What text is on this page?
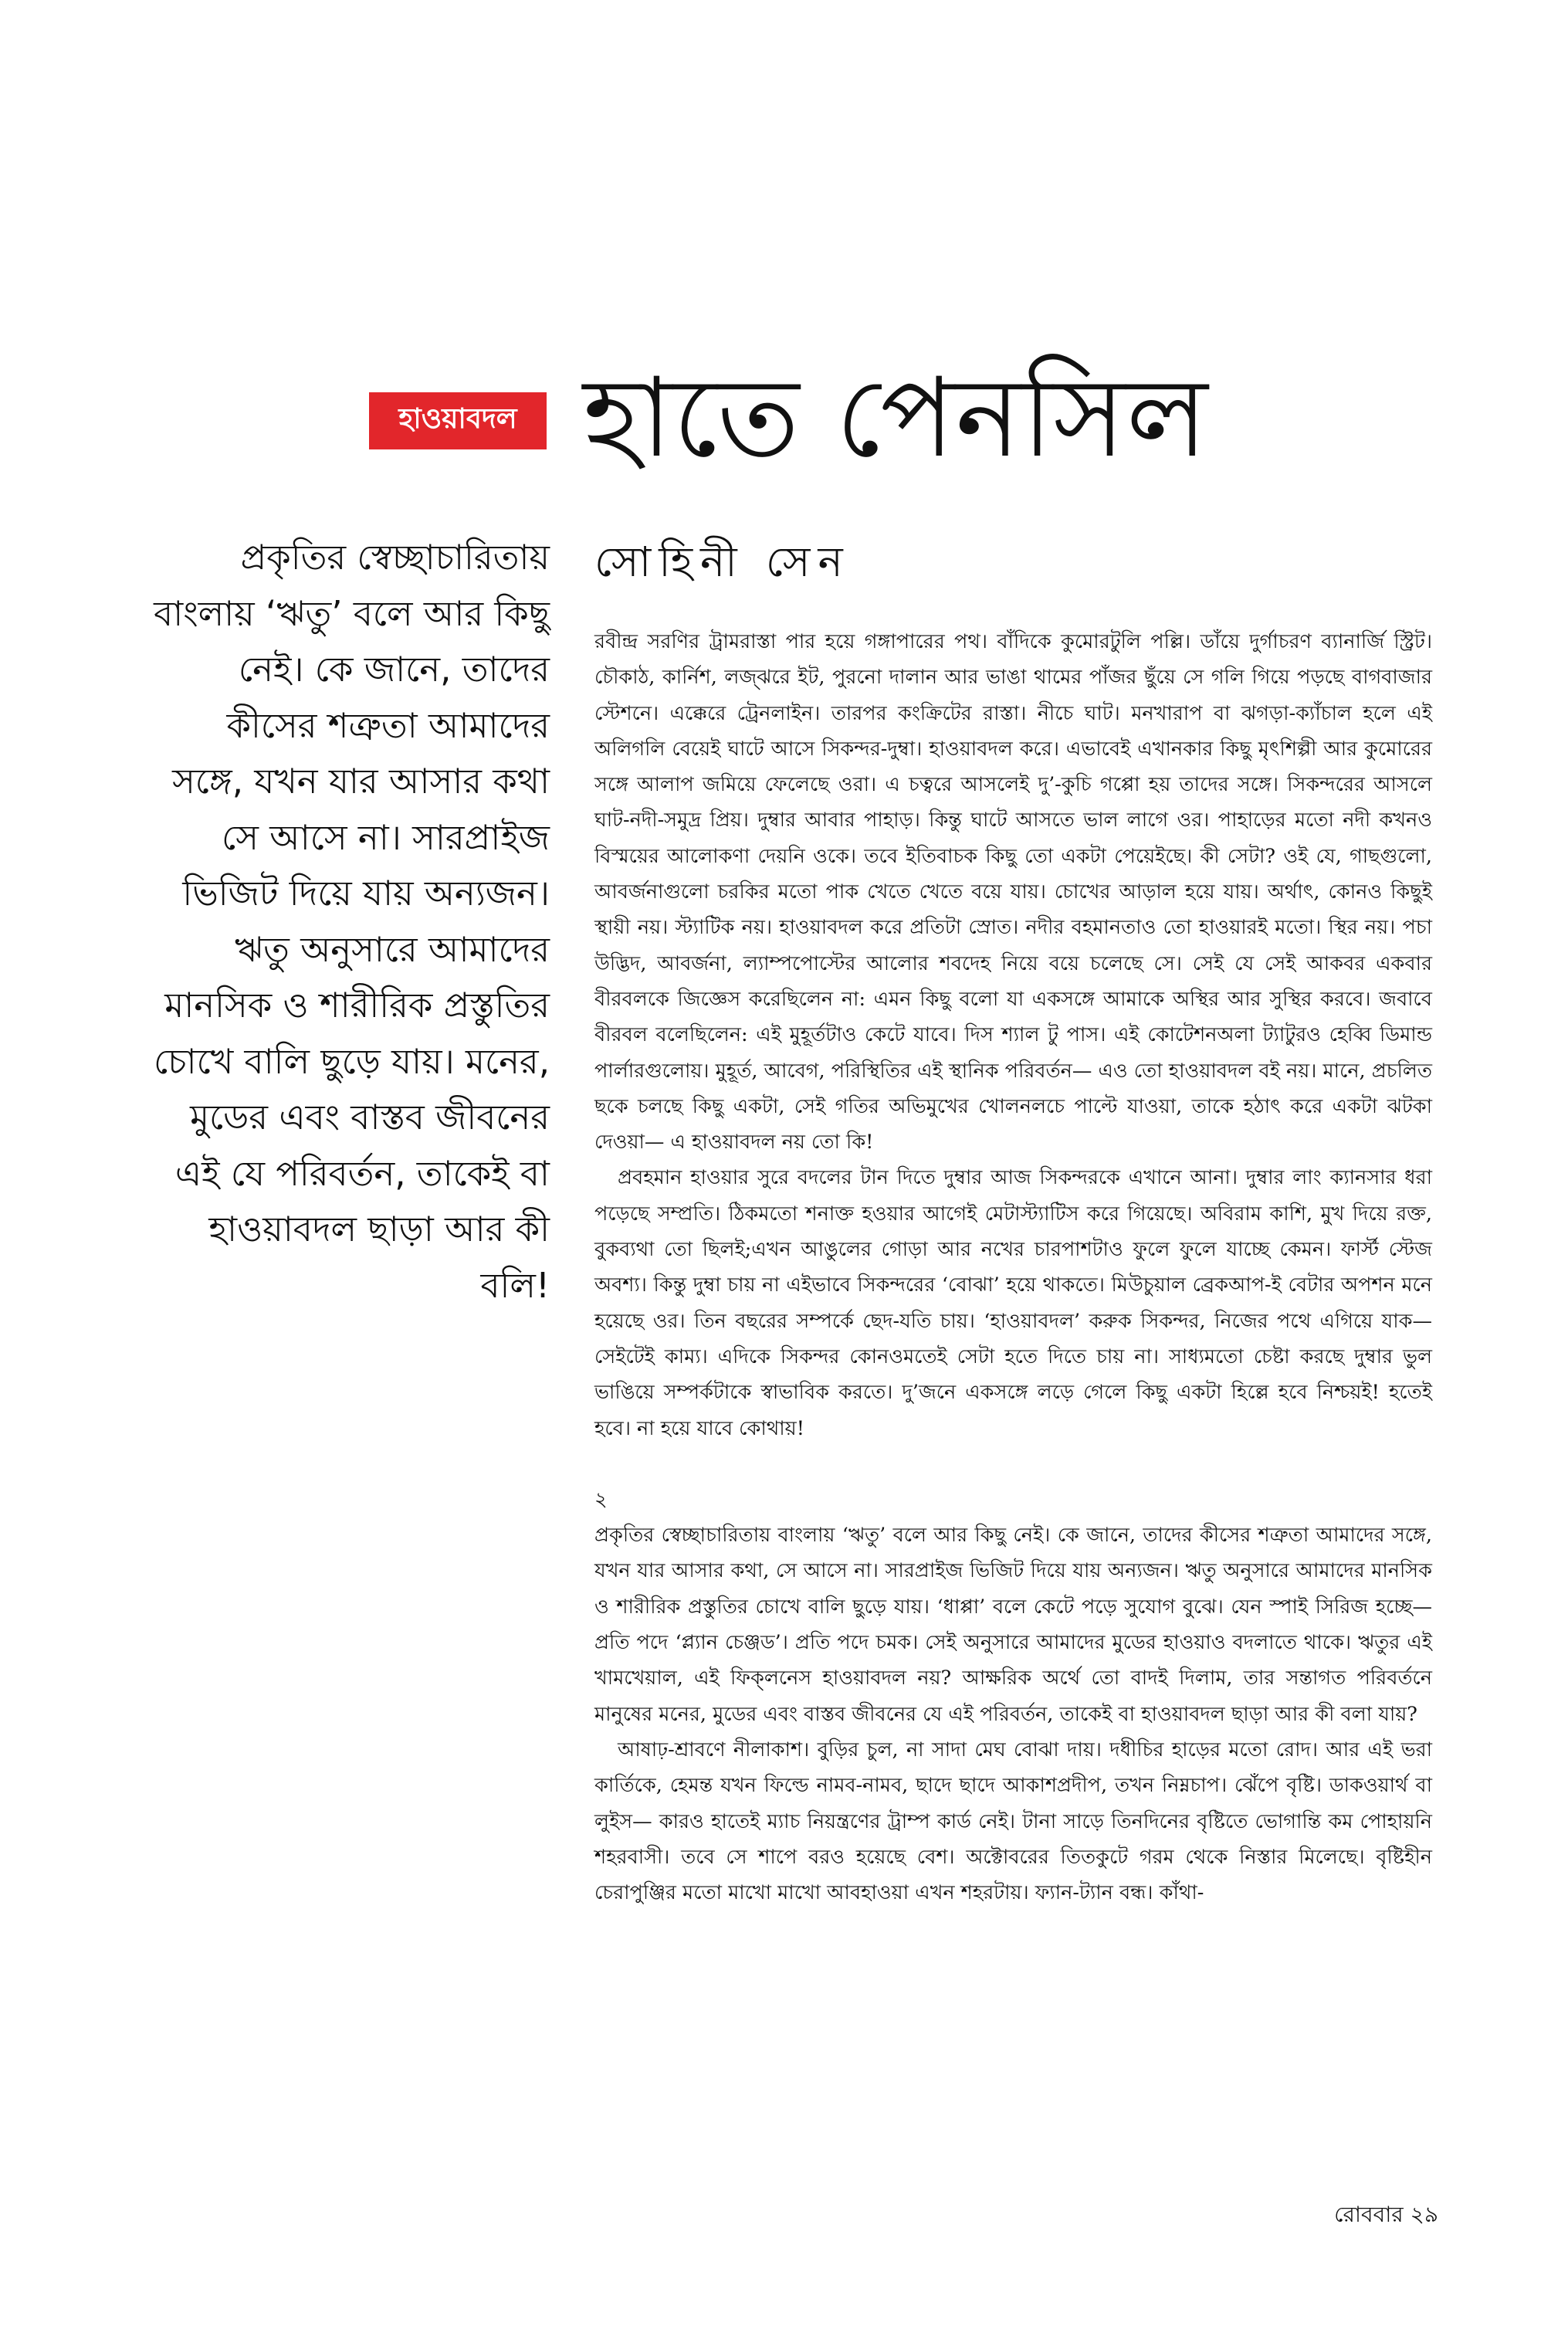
হাওয়াবদল হাতে পেনসিল

প্রকৃতির স্বেচ্ছাচারিতায় বাংলায় ‘ঋতু’ বলে আর কিছু নেই। কে জানে, তাদের কীসের শত্রুতা আমাদের সঙ্গে, যখন যার আসার কথা সে আসে না। সারপ্রাইজ ভিজিট দিয়ে যায় অন্যজন। ঋতু অনুসারে আমাদের মানসিক ও শারীরিক প্রস্তুতির চোখে বালি ছুড়ে যায়। মনের, মুডের এবং বাস্তব জীবনের এই যে পরিবর্তন, তাকেই বা হাওয়াবদল ছাড়া আর কী বলি!

সোহিনী সেন

রবীন্দ্র সরণির ট্রামরাস্তা পার হয়ে গঙ্গাপারের পথ। বাঁদিকে কুমোরটুলি পল্লি। ডাঁয়ে দুর্গাচরণ ব্যানার্জি স্ট্রিট। চৌকাঠ, কার্নিশ, লজ্‌ঝরে ইট, পুরনো দালান আর ভাঙা থামের পাঁজর ছুঁয়ে সে গলি গিয়ে পড়ছে বাগবাজার স্টেশনে। এক্কেরে ট্রেনলাইন। তারপর কংক্রিটের রাস্তা। নীচে ঘাট। মনখারাপ বা ঝগড়া-ক্যাঁচাল হলে এই অলিগলি বেয়েই ঘাটে আসে সিকন্দর-দুম্বা। হাওয়াবদল করে। এভাবেই এখানকার কিছু মৃৎশিল্পী আর কুমোরের সঙ্গে আলাপ জমিয়ে ফেলেছে ওরা। এ চত্বরে আসলেই দু’-কুচি গপ্পো হয় তাদের সঙ্গে। সিকন্দরের আসলে ঘাট-নদী-সমুদ্র প্রিয়। দুম্বার আবার পাহাড়। কিন্তু ঘাটে আসতে ভাল লাগে ওর। পাহাড়ের মতো নদী কখনও বিস্ময়ের আলোকণা দেয়নি ওকে। তবে ইতিবাচক কিছু তো একটা পেয়েইছে। কী সেটা? ওই যে, গাছগুলো, আবর্জনাগুলো চরকির মতো পাক খেতে খেতে বয়ে যায়। চোখের আড়াল হয়ে যায়। অর্থাৎ, কোনও কিছুই স্থায়ী নয়। স্ট্যাটিক নয়। হাওয়াবদল করে প্রতিটা স্রোত। নদীর বহমানতাও তো হাওয়ারই মতো। স্থির নয়। পচা উদ্ভিদ, আবর্জনা, ল্যাম্পপোস্টের আলোর শবদেহ নিয়ে বয়ে চলেছে সে। সেই যে সেই আকবর একবার বীরবলকে জিজ্ঞেস করেছিলেন না: এমন কিছু বলো যা একসঙ্গে আমাকে অস্থির আর সুস্থির করবে। জবাবে বীরবল বলেছিলেন: এই মুহূর্তটাও কেটে যাবে। দিস শ্যাল টু পাস। এই কোটেশনঅলা ট্যাটুরও হেব্বি ডিমান্ড পার্লারগুলোয়। মুহূর্ত, আবেগ, পরিস্থিতির এই স্থানিক পরিবর্তন— এও তো হাওয়াবদল বই নয়। মানে, প্রচলিত ছকে চলছে কিছু একটা, সেই গতির অভিমুখের খোলনলচে পাল্টে যাওয়া, তাকে হঠাৎ করে একটা ঝটকা দেওয়া— এ হাওয়াবদল নয় তো কি!

প্রবহমান হাওয়ার সুরে বদলের টান দিতে দুম্বার আজ সিকন্দরকে এখানে আনা। দুম্বার লাং ক্যানসার ধরা পড়েছে সম্প্রতি। ঠিকমতো শনাক্ত হওয়ার আগেই মেটাস্ট্যাটিস করে গিয়েছে। অবিরাম কাশি, মুখ দিয়ে রক্ত, বুকব্যথা তো ছিলই;এখন আঙুলের গোড়া আর নখের চারপাশটাও ফুলে ফুলে যাচ্ছে কেমন। ফার্স্ট স্টেজ অবশ্য। কিন্তু দুম্বা চায় না এইভাবে সিকন্দরের ‘বোঝা’ হয়ে থাকতে। মিউচুয়াল ব্রেকআপ-ই বেটার অপশন মনে হয়েছে ওর। তিন বছরের সম্পর্কে ছেদ-যতি চায়। ‘হাওয়াবদল’ করুক সিকন্দর, নিজের পথে এগিয়ে যাক— সেইটেই কাম্য। এদিকে সিকন্দর কোনওমতেই সেটা হতে দিতে চায় না। সাধ্যমতো চেষ্টা করছে দুম্বার ভুল ভাঙিয়ে সম্পর্কটাকে স্বাভাবিক করতে। দু’জনে একসঙ্গে লড়ে গেলে কিছু একটা হিল্লে হবে নিশ্চয়ই! হতেই হবে। না হয়ে যাবে কোথায়!

২

প্রকৃতির স্বেচ্ছাচারিতায় বাংলায় ‘ঋতু’ বলে আর কিছু নেই। কে জানে, তাদের কীসের শত্রুতা আমাদের সঙ্গে, যখন যার আসার কথা, সে আসে না। সারপ্রাইজ ভিজিট দিয়ে যায় অন্যজন। ঋতু অনুসারে আমাদের মানসিক ও শারীরিক প্রস্তুতির চোখে বালি ছুড়ে যায়। ‘ধাপ্পা’ বলে কেটে পড়ে সুযোগ বুঝে। যেন স্পাই সিরিজ হচ্ছে— প্রতি পদে ‘প্ল্যান চেঞ্জড’। প্রতি পদে চমক। সেই অনুসারে আমাদের মুডের হাওয়াও বদলাতে থাকে। ঋতুর এই খামখেয়াল, এই ফিক্‌লনেস হাওয়াবদল নয়? আক্ষরিক অর্থে তো বাদই দিলাম, তার সন্তাগত পরিবর্তনে মানুষের মনের, মুডের এবং বাস্তব জীবনের যে এই পরিবর্তন, তাকেই বা হাওয়াবদল ছাড়া আর কী বলা যায়?

আষাঢ়-শ্রাবণে নীলাকাশ। বুড়ির চুল, না সাদা মেঘ বোঝা দায়। দধীচির হাড়ের মতো রোদ। আর এই ভরা কার্তিকে, হেমন্ত যখন ফিল্ডে নামব-নামব, ছাদে ছাদে আকাশপ্রদীপ, তখন নিম্নচাপ। ঝেঁপে বৃষ্টি। ডাকওয়ার্থ বা লুইস— কারও হাতেই ম্যাচ নিয়ন্ত্রণের ট্রাম্প কার্ড নেই। টানা সাড়ে তিনদিনের বৃষ্টিতে ভোগান্তি কম পোহায়নি শহরবাসী। তবে সে শাপে বরও হয়েছে বেশ। অক্টোবরের তিতকুটে গরম থেকে নিস্তার মিলেছে। বৃষ্টিহীন চেরাপুঞ্জির মতো মাখো মাখো আবহাওয়া এখন শহরটায়। ফ্যান-ট্যান বন্ধ। কাঁথা-

রোববার ২৯
